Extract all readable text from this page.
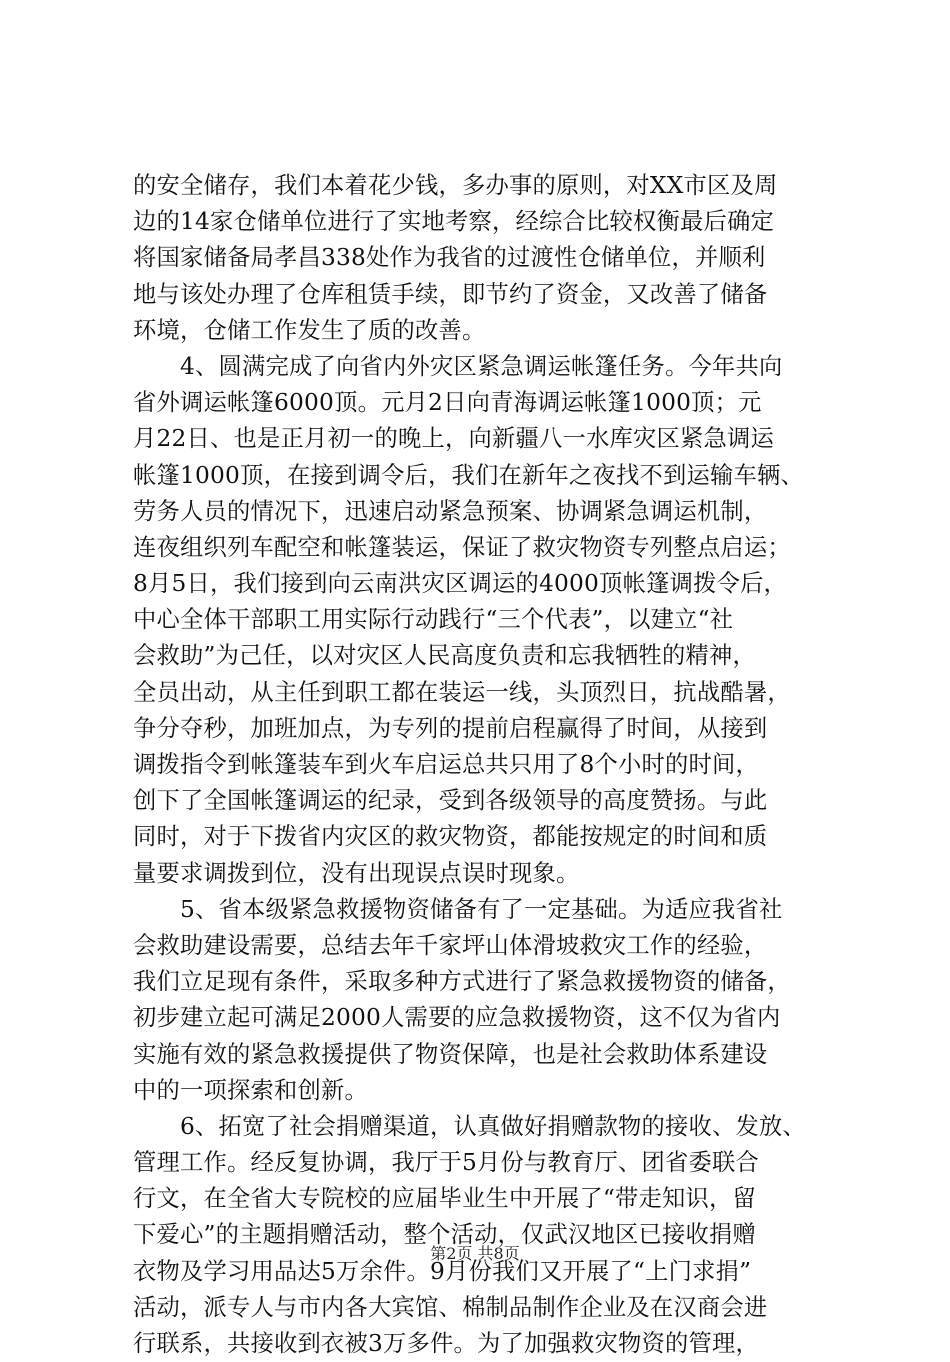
的安全储存，我们本着花少钱，多办事的原则，对XX市区及周
边的14家仓储单位进行了实地考察，经综合比较权衡最后确定
将国家储备局孝昌338处作为我省的过渡性仓储单位，并顺利
地与该处办理了仓库租赁手续，即节约了资金，又改善了储备
环境，仓储工作发生了质的改善。
　　4、圆满完成了向省内外灾区紧急调运帐篷任务。今年共向
省外调运帐篷6000顶。元月2日向青海调运帐篷1000顶；元
月22日、也是正月初一的晚上，向新疆八一水库灾区紧急调运
帐篷1000顶，在接到调令后，我们在新年之夜找不到运输车辆、
劳务人员的情况下，迅速启动紧急预案、协调紧急调运机制，
连夜组织列车配空和帐篷装运，保证了救灾物资专列整点启运；
8月5日，我们接到向云南洪灾区调运的4000顶帐篷调拨令后，
中心全体干部职工用实际行动践行“三个代表”，以建立“社
会救助”为己任，以对灾区人民高度负责和忘我牺牲的精神，
全员出动，从主任到职工都在装运一线，头顶烈日，抗战酷暑，
争分夺秒，加班加点，为专列的提前启程赢得了时间，从接到
调拨指令到帐篷装车到火车启运总共只用了8个小时的时间，
创下了全国帐篷调运的纪录，受到各级领导的高度赞扬。与此
同时，对于下拨省内灾区的救灾物资，都能按规定的时间和质
量要求调拨到位，没有出现误点误时现象。
　　5、省本级紧急救援物资储备有了一定基础。为适应我省社
会救助建设需要，总结去年千家坪山体滑坡救灾工作的经验，
我们立足现有条件，采取多种方式进行了紧急救援物资的储备，
初步建立起可满足2000人需要的应急救援物资，这不仅为省内
实施有效的紧急救援提供了物资保障，也是社会救助体系建设
中的一项探索和创新。
　　6、拓宽了社会捐赠渠道，认真做好捐赠款物的接收、发放、
管理工作。经反复协调，我厅于5月份与教育厅、团省委联合
行文，在全省大专院校的应届毕业生中开展了“带走知识，留
下爱心”的主题捐赠活动，整个活动，仅武汉地区已接收捐赠
衣物及学习用品达5万余件。9月份我们又开展了“上门求捐”
活动，派专人与市内各大宾馆、棉制品制作企业及在汉商会进
行联系，共接收到衣被3万多件。为了加强救灾物资的管理，
第2页 共8页
